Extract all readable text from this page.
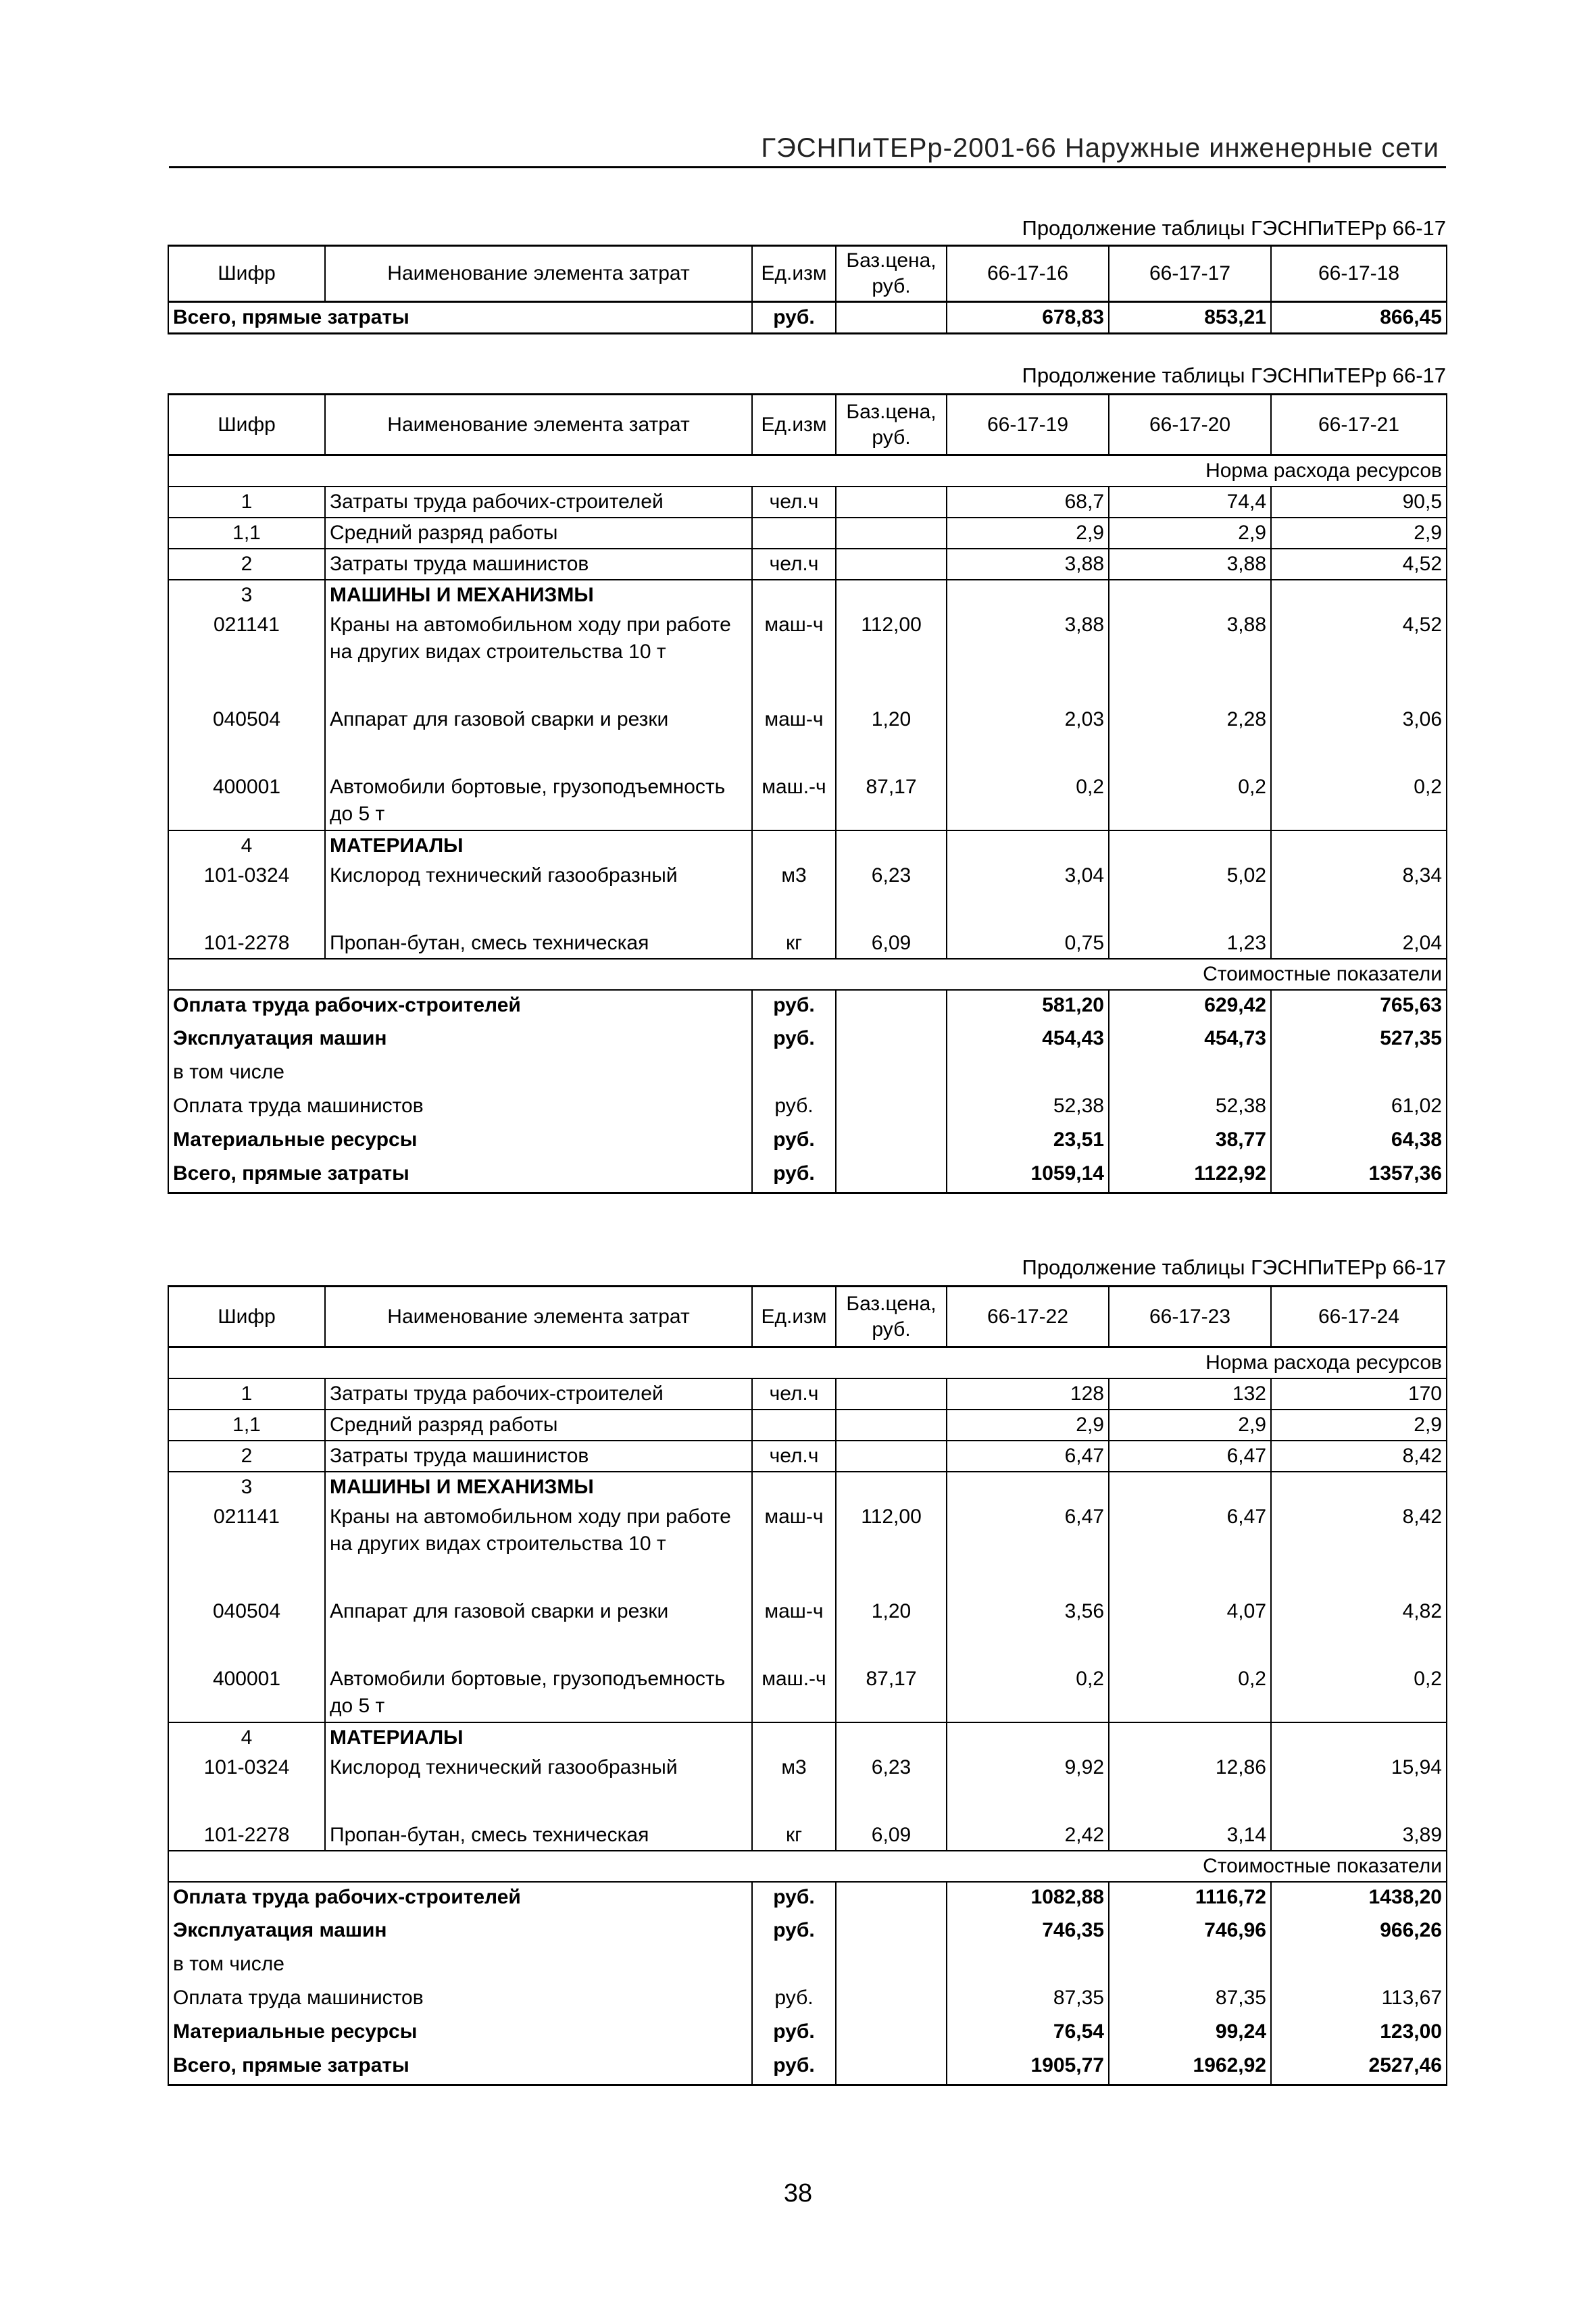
ГЭСНПиТЕРр-2001-66 Наружные инженерные сети
Продолжение таблицы ГЭСНПиТЕРр 66-17
Шифр	Наименование элемента затрат	Ед.изм	Баз.цена, руб.	66-17-16	66-17-17	66-17-18
Всего, прямые затраты		руб.		678,83	853,21	866,45
Продолжение таблицы ГЭСНПиТЕРр 66-17
Шифр	Наименование элемента затрат	Ед.изм	Баз.цена, руб.	66-17-19	66-17-20	66-17-21
Норма расхода ресурсов						
1	Затраты труда рабочих-строителей	чел.ч		68,7	74,4	90,5
1,1	Средний разряд работы			2,9	2,9	2,9
2	Затраты труда машинистов	чел.ч		3,88	3,88	4,52
3	МАШИНЫ И МЕХАНИЗМЫ					
021141	Краны на автомобильном ходу при работе на других видах строительства 10 т	маш-ч	112,00	3,88	3,88	4,52
040504	Аппарат для газовой сварки и резки	маш-ч	1,20	2,03	2,28	3,06
400001	Автомобили бортовые, грузоподъемность до 5 т	маш.-ч	87,17	0,2	0,2	0,2
4	МАТЕРИАЛЫ					
101-0324	Кислород технический газообразный	м3	6,23	3,04	5,02	8,34
101-2278	Пропан-бутан, смесь техническая	кг	6,09	0,75	1,23	2,04
Стоимостные показатели						
Оплата труда рабочих-строителей		руб.		581,20	629,42	765,63
Эксплуатация машин		руб.		454,43	454,73	527,35
в том числе						
Оплата труда машинистов		руб.		52,38	52,38	61,02
Материальные ресурсы		руб.		23,51	38,77	64,38
Всего, прямые затраты		руб.		1059,14	1122,92	1357,36
Продолжение таблицы ГЭСНПиТЕРр 66-17
Шифр	Наименование элемента затрат	Ед.изм	Баз.цена, руб.	66-17-22	66-17-23	66-17-24
Норма расхода ресурсов						
1	Затраты труда рабочих-строителей	чел.ч		128	132	170
1,1	Средний разряд работы			2,9	2,9	2,9
2	Затраты труда машинистов	чел.ч		6,47	6,47	8,42
3	МАШИНЫ И МЕХАНИЗМЫ					
021141	Краны на автомобильном ходу при работе на других видах строительства 10 т	маш-ч	112,00	6,47	6,47	8,42
040504	Аппарат для газовой сварки и резки	маш-ч	1,20	3,56	4,07	4,82
400001	Автомобили бортовые, грузоподъемность до 5 т	маш.-ч	87,17	0,2	0,2	0,2
4	МАТЕРИАЛЫ					
101-0324	Кислород технический газообразный	м3	6,23	9,92	12,86	15,94
101-2278	Пропан-бутан, смесь техническая	кг	6,09	2,42	3,14	3,89
Стоимостные показатели						
Оплата труда рабочих-строителей		руб.		1082,88	1116,72	1438,20
Эксплуатация машин		руб.		746,35	746,96	966,26
в том числе						
Оплата труда машинистов		руб.		87,35	87,35	113,67
Материальные ресурсы		руб.		76,54	99,24	123,00
Всего, прямые затраты		руб.		1905,77	1962,92	2527,46
38
